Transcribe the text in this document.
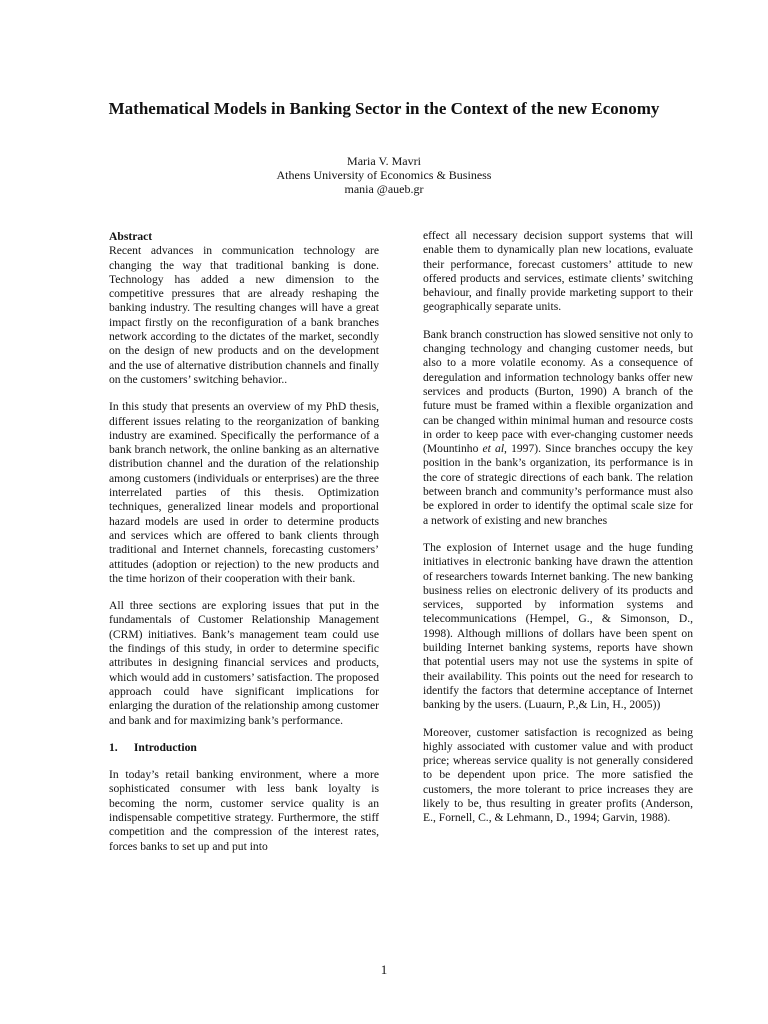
Mathematical Models in Banking Sector in the Context of the new Economy
Maria V. Mavri
Athens University of Economics & Business
mania @aueb.gr
Abstract

Recent advances in communication technology are changing the way that traditional banking is done. Technology has added a new dimension to the competitive pressures that are already reshaping the banking industry. The resulting changes will have a great impact firstly on the reconfiguration of a bank branches network according to the dictates of the market, secondly on the design of new products and on the development and the use of alternative distribution channels and finally on the customers’ switching behavior..

In this study that presents an overview of my PhD thesis, different issues relating to the reorganization of banking industry are examined. Specifically the performance of a bank branch network, the online banking as an alternative distribution channel and the duration of the relationship among customers (individuals or enterprises) are the three interrelated parties of this thesis. Optimization techniques, generalized linear models and proportional hazard models are used in order to determine products and services which are offered to bank clients through traditional and Internet channels, forecasting customers’ attitudes (adoption or rejection) to the new products and the time horizon of their cooperation with their bank.

All three sections are exploring issues that put in the fundamentals of Customer Relationship Management (CRM) initiatives. Bank’s management team could use the findings of this study, in order to determine specific attributes in designing financial services and products, which would add in customers’ satisfaction. The proposed approach could have significant implications for enlarging the duration of the relationship among customer and bank and for maximizing bank’s performance.

1. Introduction

In today’s retail banking environment, where a more sophisticated consumer with less bank loyalty is becoming the norm, customer service quality is an indispensable competitive strategy. Furthermore, the stiff competition and the compression of the interest rates, forces banks to set up and put into

effect all necessary decision support systems that will enable them to dynamically plan new locations, evaluate their performance, forecast customers’ attitude to new offered products and services, estimate clients’ switching behaviour, and finally provide marketing support to their geographically separate units.

Bank branch construction has slowed sensitive not only to changing technology and changing customer needs, but also to a more volatile economy. As a consequence of deregulation and information technology banks offer new services and products (Burton, 1990) A branch of the future must be framed within a flexible organization and can be changed within minimal human and resource costs in order to keep pace with ever-changing customer needs (Mountinho et al, 1997). Since branches occupy the key position in the bank’s organization, its performance is in the core of strategic directions of each bank. The relation between branch and community’s performance must also be explored in order to identify the optimal scale size for a network of existing and new branches

The explosion of Internet usage and the huge funding initiatives in electronic banking have drawn the attention of researchers towards Internet banking. The new banking business relies on electronic delivery of its products and services, supported by information systems and telecommunications (Hempel, G., & Simonson, D., 1998). Although millions of dollars have been spent on building Internet banking systems, reports have shown that potential users may not use the systems in spite of their availability. This points out the need for research to identify the factors that determine acceptance of Internet banking by the users. (Luaurn, P.,& Lin, H., 2005))

Moreover, customer satisfaction is recognized as being highly associated with customer value and with product price; whereas service quality is not generally considered to be dependent upon price. The more satisfied the customers, the more tolerant to price increases they are likely to be, thus resulting in greater profits (Anderson, E., Fornell, C., & Lehmann, D., 1994; Garvin, 1988).

1
